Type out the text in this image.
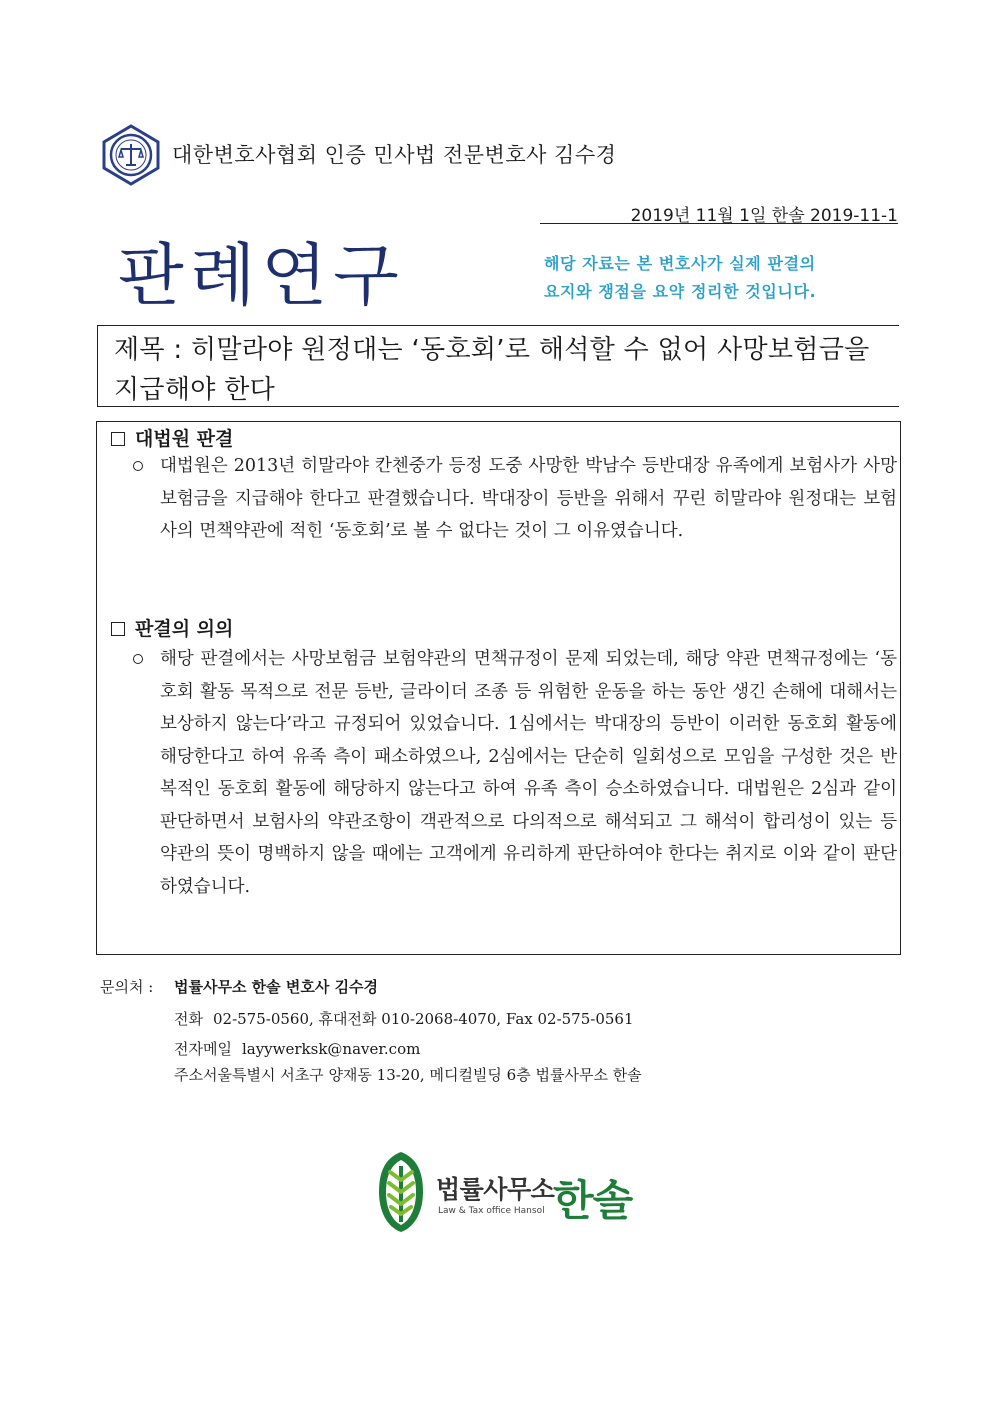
대한변호사협회 인증 민사법 전문변호사 김수경
2019년 11월 1일 한솔 2019-11-1
판례연구	해당 자료는 본 변호사가 실제 판결의
요지와 쟁점을 요약 정리한 것입니다.
제목 : 히말라야 원정대는 ‘동호회’로 해석할 수 없어 사망보험금을 지급해야 한다
대법원 판결
대법원은 2013년 히말라야 칸첸중가 등정 도중 사망한 박남수 등반대장 유족에게 보험사가 사망보험금을 지급해야 한다고 판결했습니다. 박대장이 등반을 위해서 꾸린 히말라야 원정대는 보험사의 면책약관에 적힌 ‘동호회’로 볼 수 없다는 것이 그 이유였습니다.
판결의 의의
해당 판결에서는 사망보험금 보험약관의 면책규정이 문제 되었는데, 해당 약관 면책규정에는 ‘동호회 활동 목적으로 전문 등반, 글라이더 조종 등 위험한 운동을 하는 동안 생긴 손해에 대해서는 보상하지 않는다’라고 규정되어 있었습니다. 1심에서는 박대장의 등반이 이러한 동호회 활동에 해당한다고 하여 유족 측이 패소하였으나, 2심에서는 단순히 일회성으로 모임을 구성한 것은 반복적인 동호회 활동에 해당하지 않는다고 하여 유족 측이 승소하였습니다. 대법원은 2심과 같이 판단하면서 보험사의 약관조항이 객관적으로 다의적으로 해석되고 그 해석이 합리성이 있는 등 약관의 뜻이 명백하지 않을 때에는 고객에게 유리하게 판단하여야 한다는 취지로 이와 같이 판단하였습니다.
문의처 : 법률사무소 한솔 변호사 김수경
전화 02-575-0560, 휴대전화 010-2068-4070, Fax 02-575-0561
전자메일 layywerksk@naver.com
주소서울특별시 서초구 양재동 13-20, 메디컬빌딩 6층 법률사무소 한솔
법률사무소
Law & Tax office Hansol 한솔
